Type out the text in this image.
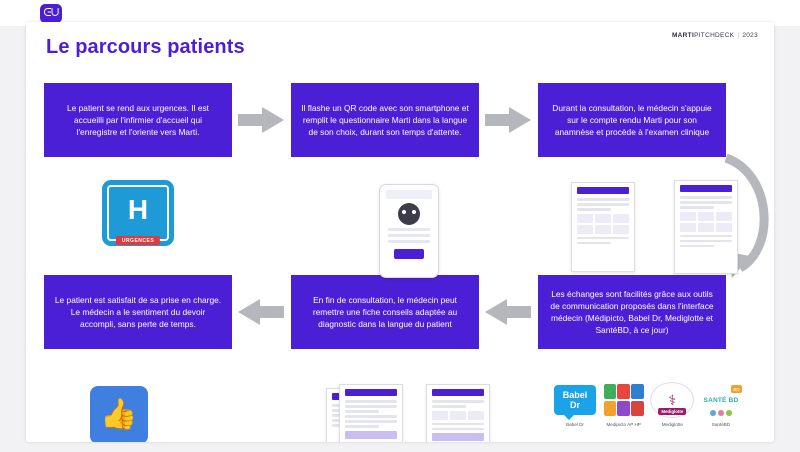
ᕮᑌ
Le parcours patients
MARTIPITCHDECK | 2023
Le patient se rend aux urgences. Il est accueilli par l'infirmier d'accueil qui l'enregistre et l'oriente vers Marti.
Il flashe un QR code avec son smartphone et remplit le questionnaire Marti dans la langue de son choix, durant son temps d'attente.
Durant la consultation, le médecin s'appuie sur le compte rendu Marti pour son anamnèse et procède à l'examen clinique
Les échanges sont facilités grâce aux outils de communication proposés dans l'interface médecin (Médipicto, Babel Dr, Mediglotte et SantéBD, à ce jour)
En fin de consultation, le médecin peut remettre une fiche conseils adaptée au diagnostic dans la langue du patient
Le patient est satisfait de sa prise en charge. Le médecin a le sentiment du devoir accompli, sans perte de temps.
H
URGENCES
👍
Babel
Dr
Babel Dr	Medipicto AP HP
⚕
Mediglotte
Mediglotte
SANTÉ BD
BD
SantéBD
